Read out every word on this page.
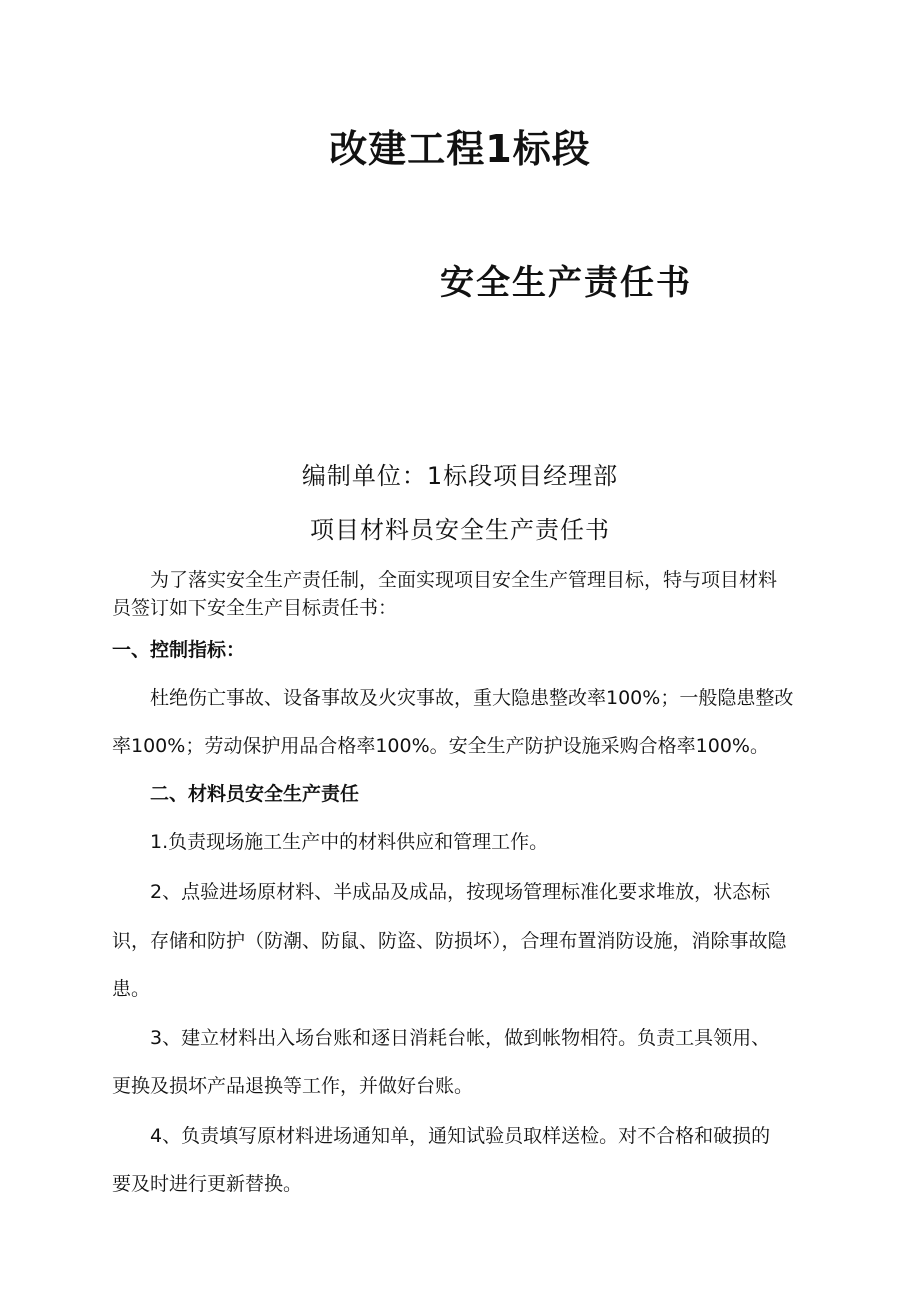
改建工程1标段
安全生产责任书
编制单位：1标段项目经理部
项目材料员安全生产责任书
为了落实安全生产责任制，全面实现项目安全生产管理目标，特与项目材料
员签订如下安全生产目标责任书：
一、控制指标：
杜绝伤亡事故、设备事故及火灾事故，重大隐患整改率100%；一般隐患整改
率100%；劳动保护用品合格率100%。安全生产防护设施采购合格率100%。
二、材料员安全生产责任
1.负责现场施工生产中的材料供应和管理工作。
2、点验进场原材料、半成品及成品，按现场管理标准化要求堆放，状态标
识，存储和防护（防潮、防鼠、防盗、防损坏），合理布置消防设施，消除事故隐
患。
3、建立材料出入场台账和逐日消耗台帐，做到帐物相符。负责工具领用、
更换及损坏产品退换等工作，并做好台账。
4、负责填写原材料进场通知单，通知试验员取样送检。对不合格和破损的
要及时进行更新替换。
